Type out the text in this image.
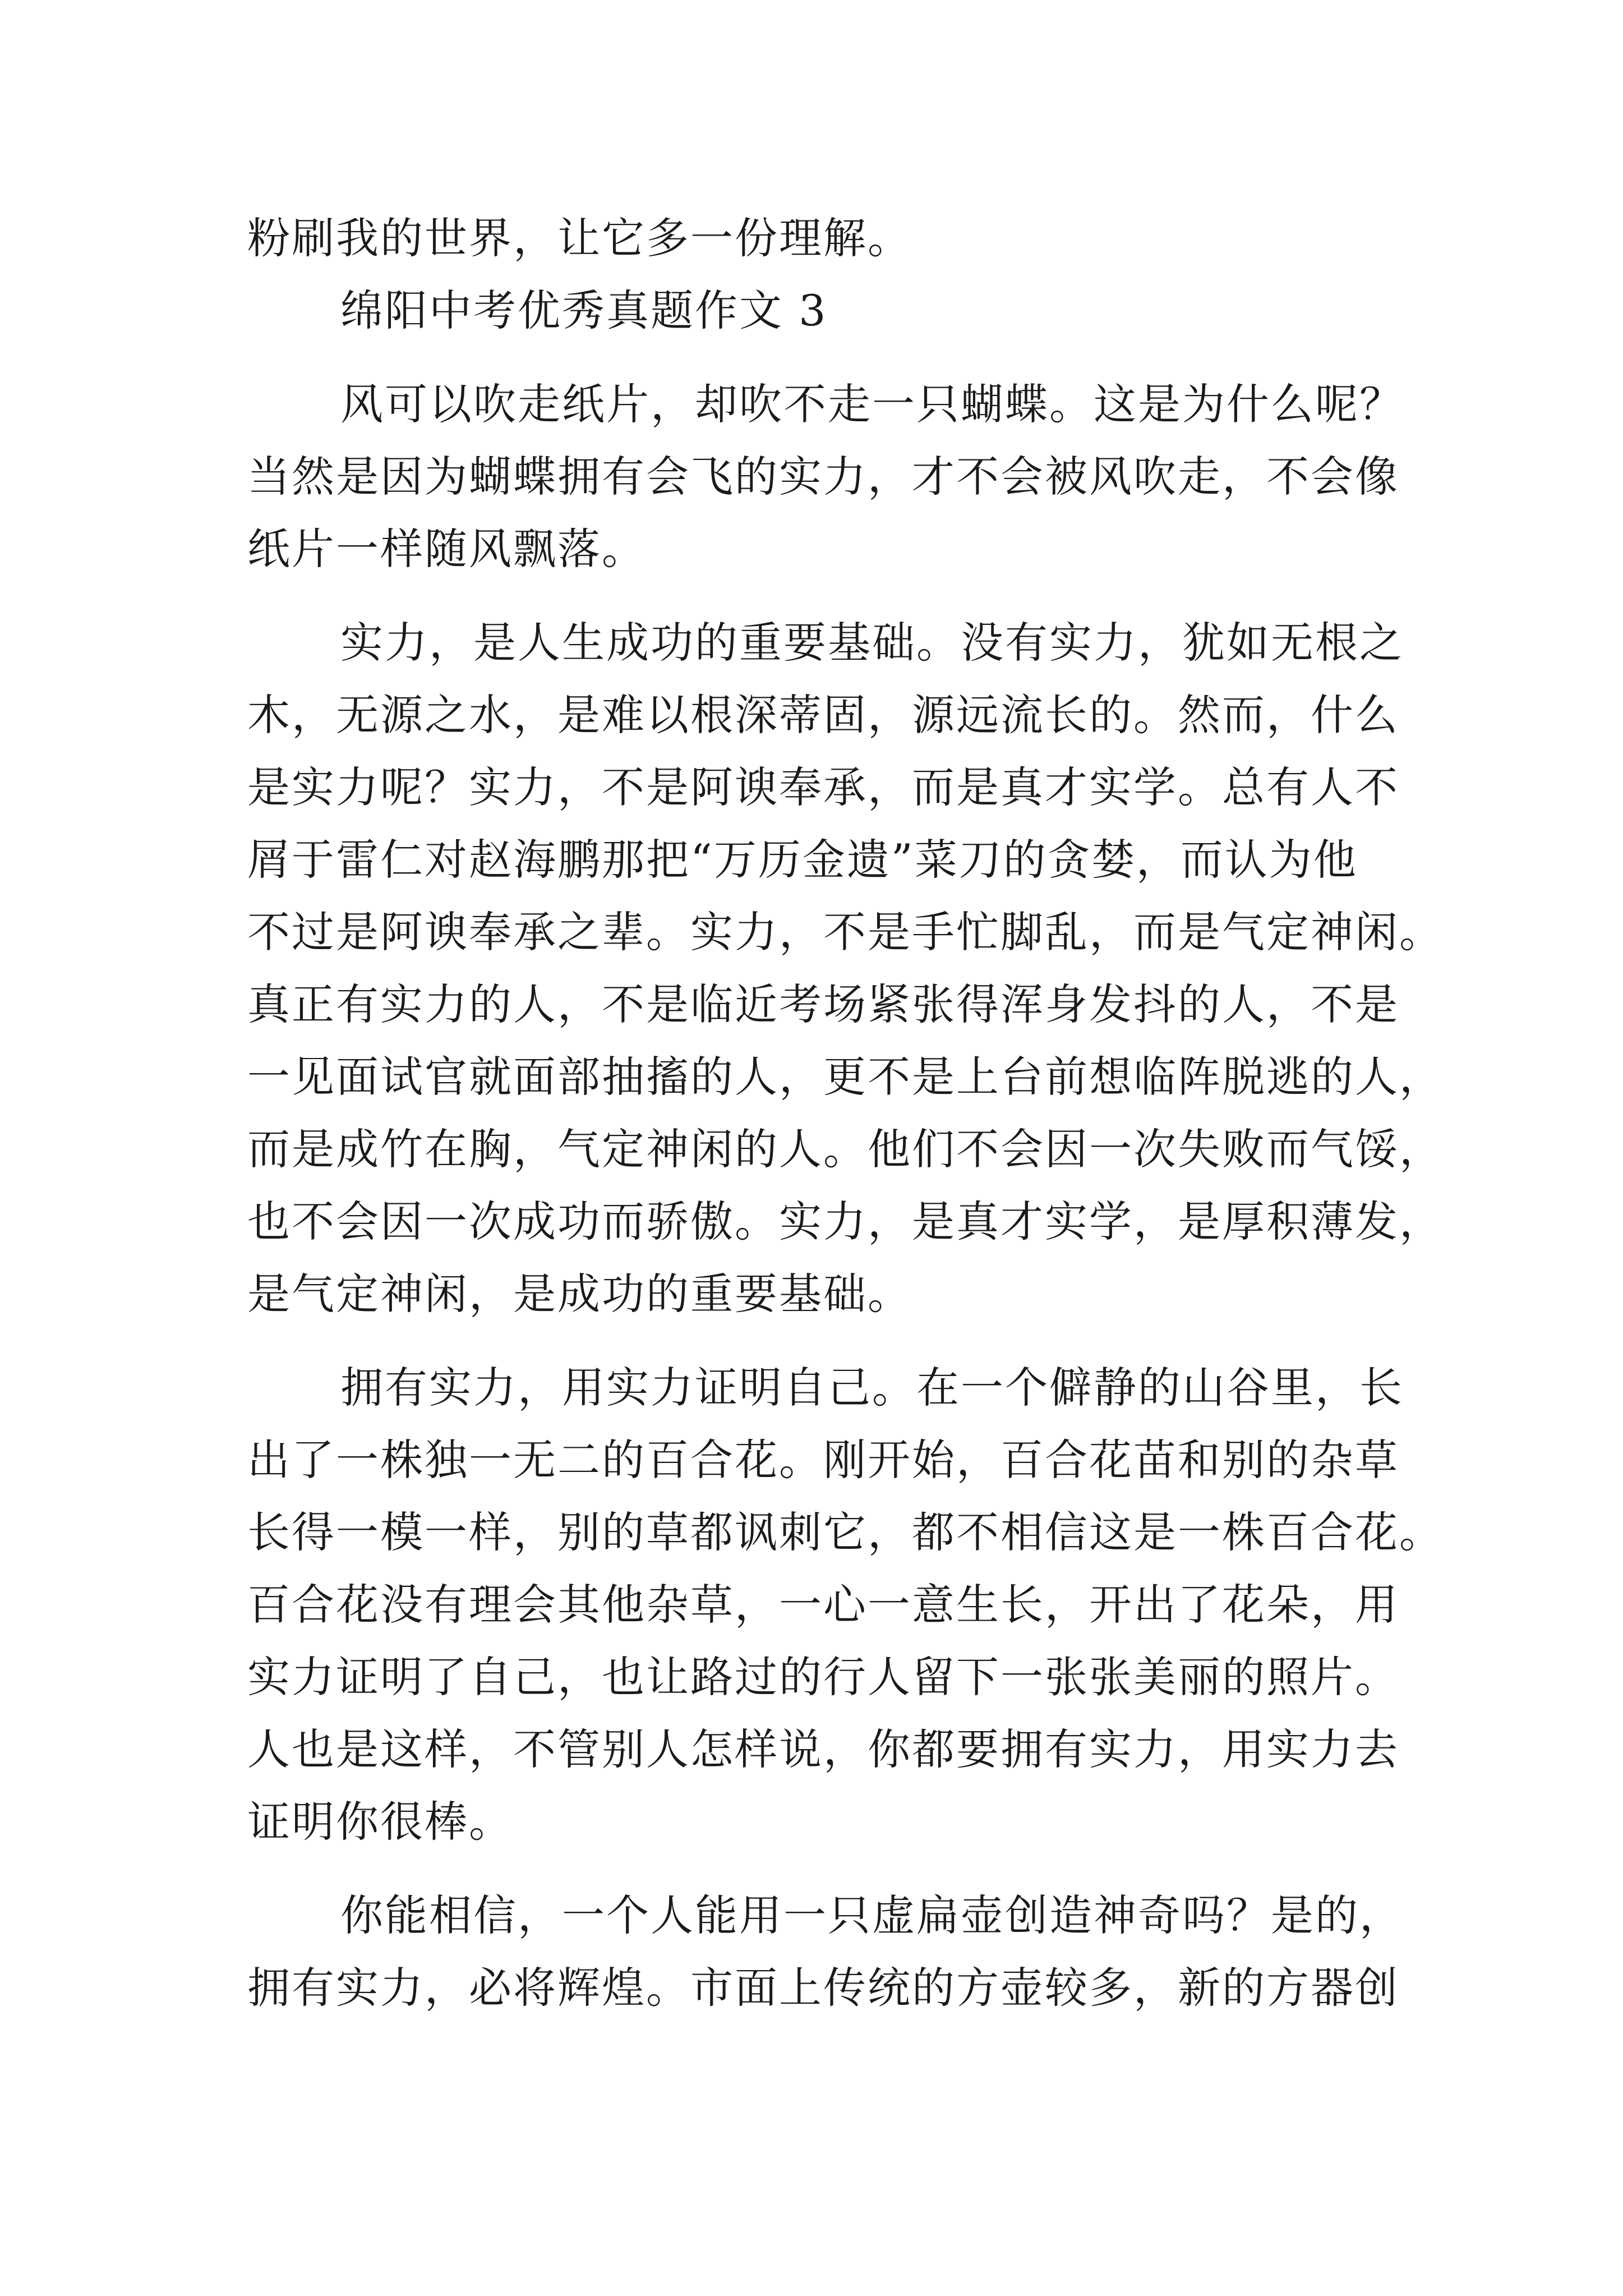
粉刷我的世界，让它多一份理解。
绵阳中考优秀真题作文 3
风可以吹走纸片，却吹不走一只蝴蝶。这是为什么呢？
当然是因为蝴蝶拥有会飞的实力，才不会被风吹走，不会像
纸片一样随风飘落。
实力，是人生成功的重要基础。没有实力，犹如无根之
木，无源之水，是难以根深蒂固，源远流长的。然而，什么
是实力呢？实力，不是阿谀奉承，而是真才实学。总有人不
屑于雷仁对赵海鹏那把“万历金遗”菜刀的贪婪，而认为他
不过是阿谀奉承之辈。实力，不是手忙脚乱，而是气定神闲。
真正有实力的人，不是临近考场紧张得浑身发抖的人，不是
一见面试官就面部抽搐的人，更不是上台前想临阵脱逃的人，
而是成竹在胸，气定神闲的人。他们不会因一次失败而气馁，
也不会因一次成功而骄傲。实力，是真才实学，是厚积薄发，
是气定神闲，是成功的重要基础。
拥有实力，用实力证明自己。在一个僻静的山谷里，长
出了一株独一无二的百合花。刚开始，百合花苗和别的杂草
长得一模一样，别的草都讽刺它，都不相信这是一株百合花。
百合花没有理会其他杂草，一心一意生长，开出了花朵，用
实力证明了自己，也让路过的行人留下一张张美丽的照片。
人也是这样，不管别人怎样说，你都要拥有实力，用实力去
证明你很棒。
你能相信，一个人能用一只虚扁壶创造神奇吗？是的，
拥有实力，必将辉煌。市面上传统的方壶较多，新的方器创
